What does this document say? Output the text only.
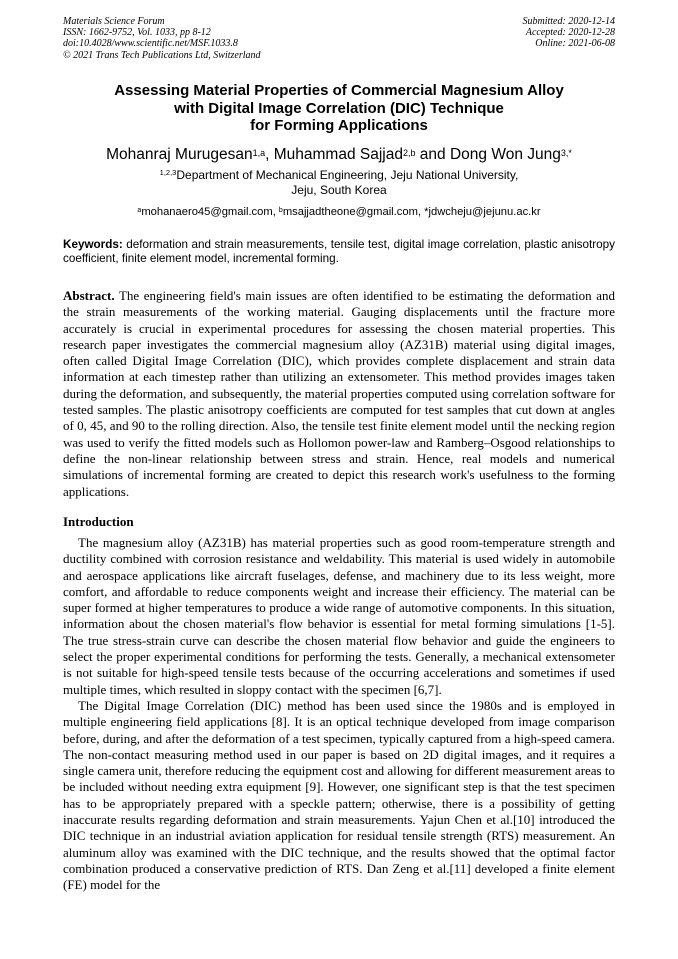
Materials Science Forum
ISSN: 1662-9752, Vol. 1033, pp 8-12
doi:10.4028/www.scientific.net/MSF.1033.8
© 2021 Trans Tech Publications Ltd, Switzerland
Submitted: 2020-12-14
Accepted: 2020-12-28
Online: 2021-06-08
Assessing Material Properties of Commercial Magnesium Alloy
with Digital Image Correlation (DIC) Technique
for Forming Applications
Mohanraj Murugesan$^{1,a}$, Muhammad Sajjad$^{2,b}$ and Dong Won Jung$^{3,*}$
$^{1,2,3}$Department of Mechanical Engineering, Jeju National University,
Jeju, South Korea
$^a$mohanaero45@gmail.com, $^b$msajjadtheone@gmail.com, *jdwcheju@jejunu.ac.kr
Keywords: deformation and strain measurements, tensile test, digital image correlation, plastic anisotropy coefficient, finite element model, incremental forming.
Abstract. The engineering field's main issues are often identified to be estimating the deformation and the strain measurements of the working material. Gauging displacements until the fracture more accurately is crucial in experimental procedures for assessing the chosen material properties. This research paper investigates the commercial magnesium alloy (AZ31B) material using digital images, often called Digital Image Correlation (DIC), which provides complete displacement and strain data information at each timestep rather than utilizing an extensometer. This method provides images taken during the deformation, and subsequently, the material properties computed using correlation software for tested samples. The plastic anisotropy coefficients are computed for test samples that cut down at angles of 0, 45, and 90 to the rolling direction. Also, the tensile test finite element model until the necking region was used to verify the fitted models such as Hollomon power-law and Ramberg–Osgood relationships to define the non-linear relationship between stress and strain. Hence, real models and numerical simulations of incremental forming are created to depict this research work's usefulness to the forming applications.
Introduction

The magnesium alloy (AZ31B) has material properties such as good room-temperature strength and ductility combined with corrosion resistance and weldability. This material is used widely in automobile and aerospace applications like aircraft fuselages, defense, and machinery due to its less weight, more comfort, and affordable to reduce components weight and increase their efficiency. The material can be super formed at higher temperatures to produce a wide range of automotive components. In this situation, information about the chosen material's flow behavior is essential for metal forming simulations [1-5]. The true stress-strain curve can describe the chosen material flow behavior and guide the engineers to select the proper experimental conditions for performing the tests. Generally, a mechanical extensometer is not suitable for high-speed tensile tests because of the occurring accelerations and sometimes if used multiple times, which resulted in sloppy contact with the specimen [6,7].

The Digital Image Correlation (DIC) method has been used since the 1980s and is employed in multiple engineering field applications [8]. It is an optical technique developed from image comparison before, during, and after the deformation of a test specimen, typically captured from a high-speed camera. The non-contact measuring method used in our paper is based on 2D digital images, and it requires a single camera unit, therefore reducing the equipment cost and allowing for different measurement areas to be included without needing extra equipment [9]. However, one significant step is that the test specimen has to be appropriately prepared with a speckle pattern; otherwise, there is a possibility of getting inaccurate results regarding deformation and strain measurements. Yajun Chen et al.[10] introduced the DIC technique in an industrial aviation application for residual tensile strength (RTS) measurement. An aluminum alloy was examined with the DIC technique, and the results showed that the optimal factor combination produced a conservative prediction of RTS. Dan Zeng et al.[11] developed a finite element (FE) model for the
